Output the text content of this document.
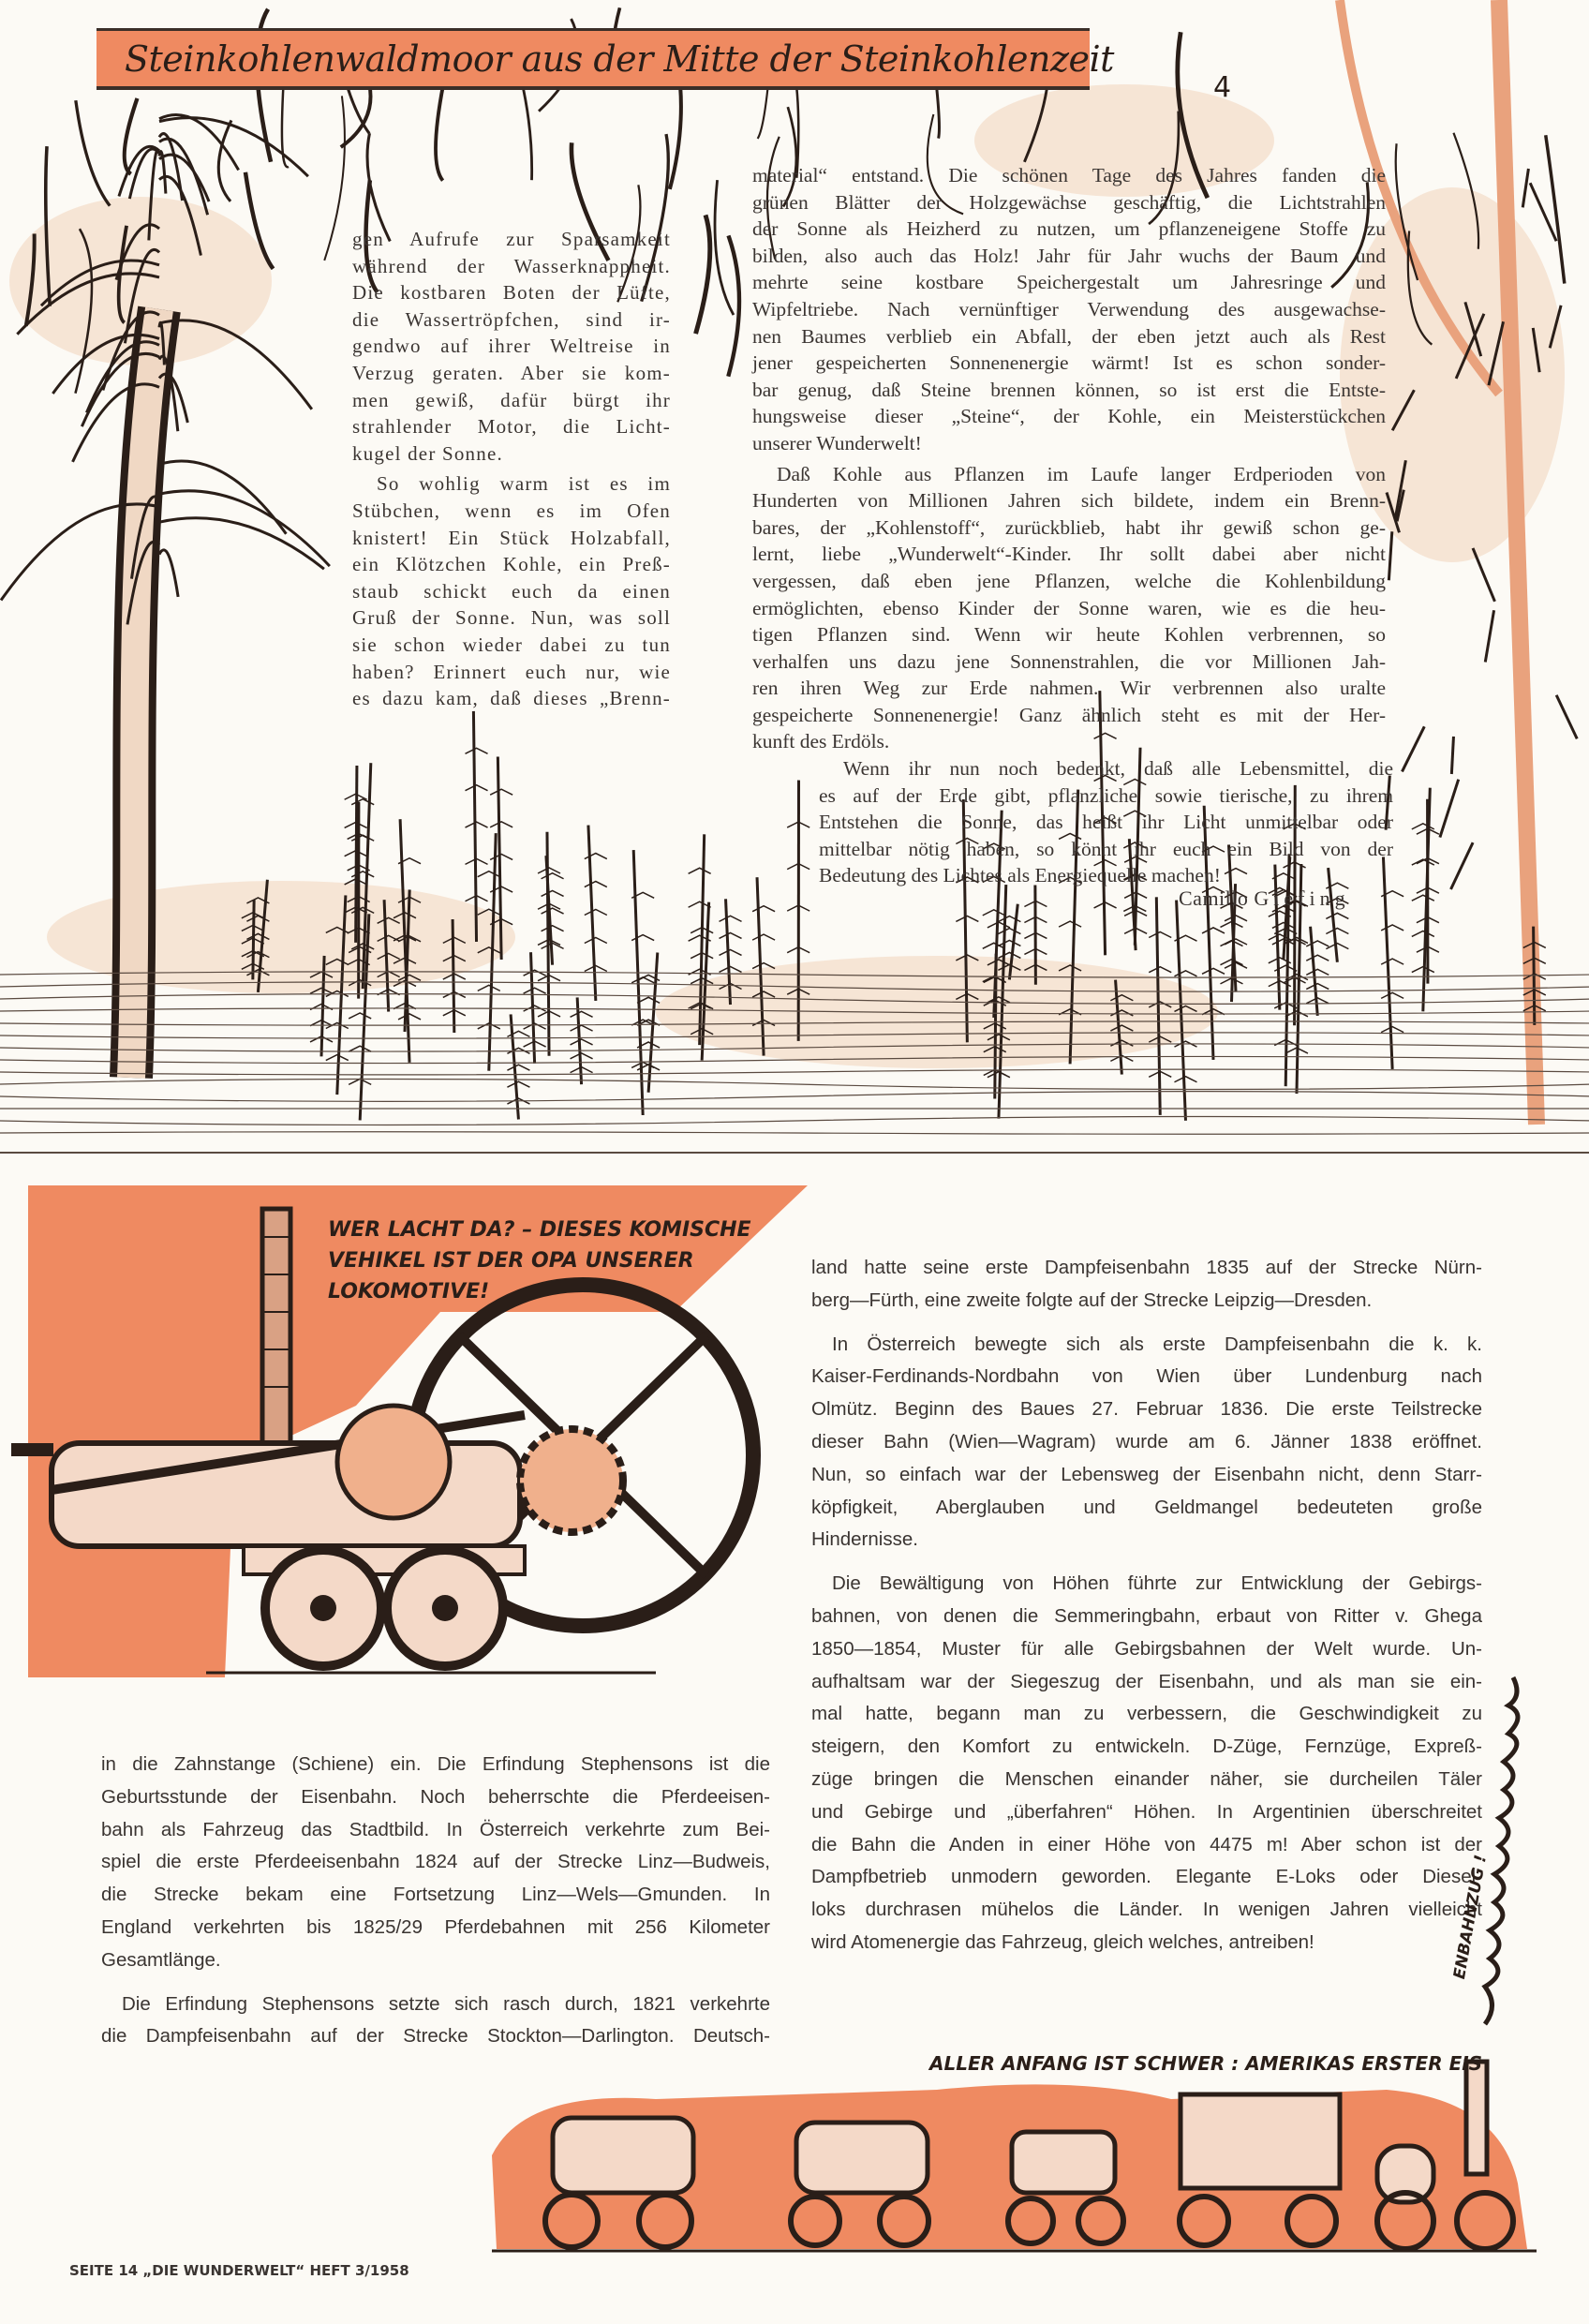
Steinkohlenwaldmoor aus der Mitte der Steinkohlenzeit
4
gen Aufrufe zur Sparsamkeit
während der Wasserknappheit.
Die kostbaren Boten der Lüfte,
die Wassertröpfchen, sind ir-
gendwo auf ihrer Weltreise in
Verzug geraten. Aber sie kom-
men gewiß, dafür bürgt ihr
strahlender Motor, die Licht-
kugel der Sonne.
So wohlig warm ist es im
Stübchen, wenn es im Ofen
knistert! Ein Stück Holzabfall,
ein Klötzchen Kohle, ein Preß-
staub schickt euch da einen
Gruß der Sonne. Nun, was soll
sie schon wieder dabei zu tun
haben? Erinnert euch nur, wie
es dazu kam, daß dieses „Brenn-
material“ entstand. Die schönen Tage des Jahres fanden die
grünen Blätter der Holzgewächse geschäftig, die Lichtstrahlen
der Sonne als Heizherd zu nutzen, um pflanzeneigene Stoffe zu
bilden, also auch das Holz! Jahr für Jahr wuchs der Baum und
mehrte seine kostbare Speichergestalt um Jahresringe und
Wipfeltriebe. Nach vernünftiger Verwendung des ausgewachse-
nen Baumes verblieb ein Abfall, der eben jetzt auch als Rest
jener gespeicherten Sonnenenergie wärmt! Ist es schon sonder-
bar genug, daß Steine brennen können, so ist erst die Entste-
hungsweise dieser „Steine“, der Kohle, ein Meisterstückchen
unserer Wunderwelt!
Daß Kohle aus Pflanzen im Laufe langer Erdperioden von
Hunderten von Millionen Jahren sich bildete, indem ein Brenn-
bares, der „Kohlenstoff“, zurückblieb, habt ihr gewiß schon ge-
lernt, liebe „Wunderwelt“-Kinder. Ihr sollt dabei aber nicht
vergessen, daß eben jene Pflanzen, welche die Kohlenbildung
ermöglichten, ebenso Kinder der Sonne waren, wie es die heu-
tigen Pflanzen sind. Wenn wir heute Kohlen verbrennen, so
verhalfen uns dazu jene Sonnenstrahlen, die vor Millionen Jah-
ren ihren Weg zur Erde nahmen. Wir verbrennen also uralte
gespeicherte Sonnenenergie! Ganz ähnlich steht es mit der Her-
kunft des Erdöls.
Wenn ihr nun noch bedenkt, daß alle Lebensmittel, die
es auf der Erde gibt, pflanzliche sowie tierische, zu ihrem
Entstehen die Sonne, das heißt ihr Licht unmittelbar oder
mittelbar nötig haben, so könnt ihr euch ein Bild von der
Bedeutung des Lichtes als Energiequelle machen!
Camillo Giefing
WER LACHT DA? – DIESES KOMISCHE
VEHIKEL IST DER OPA UNSERER
LOKOMOTIVE!
land hatte seine erste Dampfeisenbahn 1835 auf der Strecke Nürn-
berg—Fürth, eine zweite folgte auf der Strecke Leipzig—Dresden.
In Österreich bewegte sich als erste Dampfeisenbahn die k. k.
Kaiser-Ferdinands-Nordbahn von Wien über Lundenburg nach
Olmütz. Beginn des Baues 27. Februar 1836. Die erste Teilstrecke
dieser Bahn (Wien—Wagram) wurde am 6. Jänner 1838 eröffnet.
Nun, so einfach war der Lebensweg der Eisenbahn nicht, denn Starr-
köpfigkeit, Aberglauben und Geldmangel bedeuteten große
Hindernisse.
Die Bewältigung von Höhen führte zur Entwicklung der Gebirgs-
bahnen, von denen die Semmeringbahn, erbaut von Ritter v. Ghega
1850—1854, Muster für alle Gebirgsbahnen der Welt wurde. Un-
aufhaltsam war der Siegeszug der Eisenbahn, und als man sie ein-
mal hatte, begann man zu verbessern, die Geschwindigkeit zu
steigern, den Komfort zu entwickeln. D-Züge, Fernzüge, Expreß-
züge bringen die Menschen einander näher, sie durcheilen Täler
und Gebirge und „überfahren“ Höhen. In Argentinien überschreitet
die Bahn die Anden in einer Höhe von 4475 m! Aber schon ist der
Dampfbetrieb unmodern geworden. Elegante E-Loks oder Diesel-
loks durchrasen mühelos die Länder. In wenigen Jahren vielleicht
wird Atomenergie das Fahrzeug, gleich welches, antreiben!
in die Zahnstange (Schiene) ein. Die Erfindung Stephensons ist die
Geburtsstunde der Eisenbahn. Noch beherrschte die Pferdeeisen-
bahn als Fahrzeug das Stadtbild. In Österreich verkehrte zum Bei-
spiel die erste Pferdeeisenbahn 1824 auf der Strecke Linz—Budweis,
die Strecke bekam eine Fortsetzung Linz—Wels—Gmunden. In
England verkehrten bis 1825/29 Pferdebahnen mit 256 Kilometer
Gesamtlänge.
Die Erfindung Stephensons setzte sich rasch durch, 1821 verkehrte
die Dampfeisenbahn auf der Strecke Stockton—Darlington. Deutsch-
ALLER ANFANG IST SCHWER : AMERIKAS ERSTER EIS
ENBAHNZUG !
SEITE 14 „DIE WUNDERWELT“ HEFT 3/1958
